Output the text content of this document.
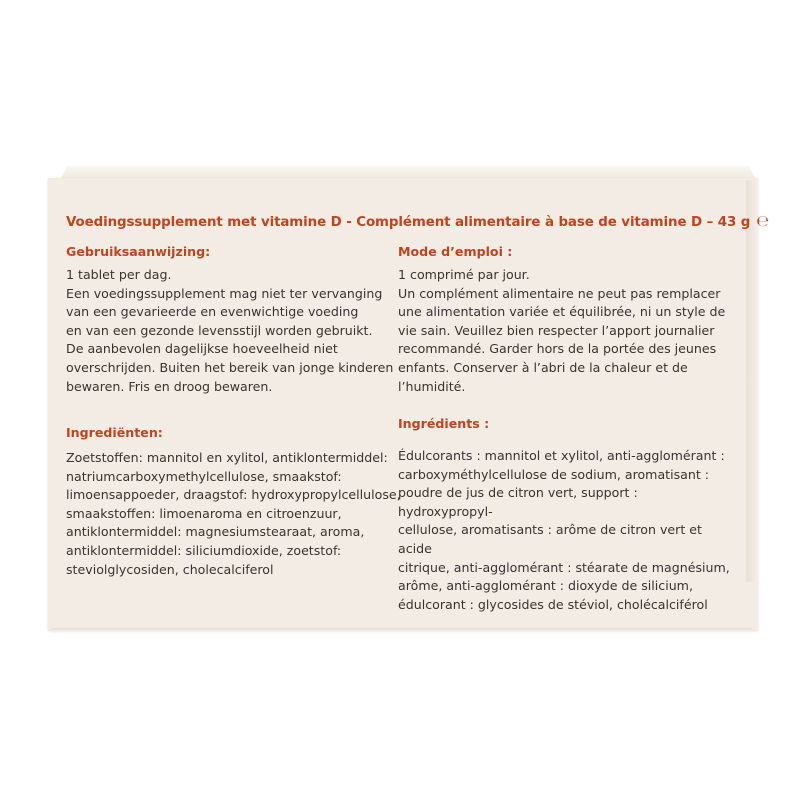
Voedingssupplement met vitamine D - Complément alimentaire à base de vitamine D – 43 g ℮

Gebruiksaanwijzing:

1 tablet per dag.
Een voedingssupplement mag niet ter vervanging
van een gevarieerde en evenwichtige voeding
en van een gezonde levensstijl worden gebruikt.
De aanbevolen dagelijkse hoeveelheid niet
overschrijden. Buiten het bereik van jonge kinderen
bewaren. Fris en droog bewaren.

Ingrediënten:

Zoetstoffen: mannitol en xylitol, antiklontermiddel:
natriumcarboxymethylcellulose, smaakstof:
limoensappoeder, draagstof: hydroxypropylcellulose,
smaakstoffen: limoenaroma en citroenzuur,
antiklontermiddel: magnesiumstearaat, aroma,
antiklontermiddel: siliciumdioxide, zoetstof:
steviolglycosiden, cholecalciferol

Mode d’emploi :

1 comprimé par jour.
Un complément alimentaire ne peut pas remplacer
une alimentation variée et équilibrée, ni un style de
vie sain. Veuillez bien respecter l’apport journalier
recommandé. Garder hors de la portée des jeunes
enfants. Conserver à l’abri de la chaleur et de
l’humidité.

Ingrédients :

Édulcorants : mannitol et xylitol, anti-agglomérant :
carboxyméthylcellulose de sodium, aromatisant :
poudre de jus de citron vert, support : hydroxypropyl-
cellulose, aromatisants : arôme de citron vert et acide
citrique, anti-agglomérant : stéarate de magnésium,
arôme, anti-agglomérant : dioxyde de silicium,
édulcorant : glycosides de stéviol, cholécalciférol
